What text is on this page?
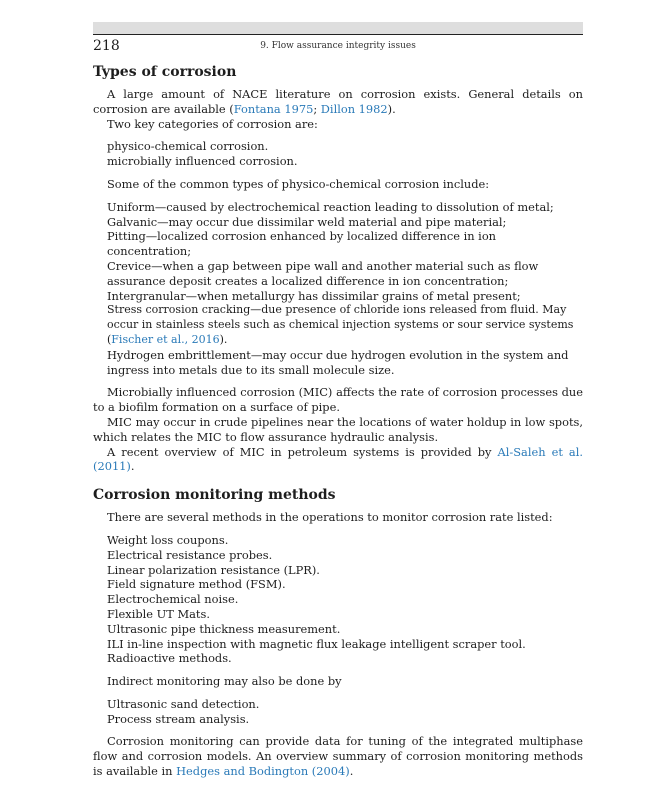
218	9. Flow assurance integrity issues
Types of corrosion

A large amount of NACE literature on corrosion exists. General details on corrosion are available (Fontana 1975; Dillon 1982).

Two key categories of corrosion are:

physico-chemical corrosion.

microbially influenced corrosion.

Some of the common types of physico-chemical corrosion include:

Uniform—caused by electrochemical reaction leading to dissolution of metal;

Galvanic—may occur due dissimilar weld material and pipe material;

Pitting—localized corrosion enhanced by localized difference in ion concentration;

Crevice—when a gap between pipe wall and another material such as flow assurance deposit creates a localized difference in ion concentration;

Intergranular—when metallurgy has dissimilar grains of metal present;

Stress corrosion cracking—due presence of chloride ions released from fluid. May occur in stainless steels such as chemical injection systems or sour service systems (Fischer et al., 2016).

Hydrogen embrittlement—may occur due hydrogen evolution in the system and ingress into metals due to its small molecule size.

Microbially influenced corrosion (MIC) affects the rate of corrosion processes due to a biofilm formation on a surface of pipe.

MIC may occur in crude pipelines near the locations of water holdup in low spots, which relates the MIC to flow assurance hydraulic analysis.

A recent overview of MIC in petroleum systems is provided by Al-Saleh et al. (2011).

Corrosion monitoring methods

There are several methods in the operations to monitor corrosion rate listed:

Weight loss coupons.

Electrical resistance probes.

Linear polarization resistance (LPR).

Field signature method (FSM).

Electrochemical noise.

Flexible UT Mats.

Ultrasonic pipe thickness measurement.

ILI in-line inspection with magnetic flux leakage intelligent scraper tool.

Radioactive methods.

Indirect monitoring may also be done by

Ultrasonic sand detection.

Process stream analysis.

Corrosion monitoring can provide data for tuning of the integrated multiphase flow and corrosion models. An overview summary of corrosion monitoring methods is available in Hedges and Bodington (2004).
